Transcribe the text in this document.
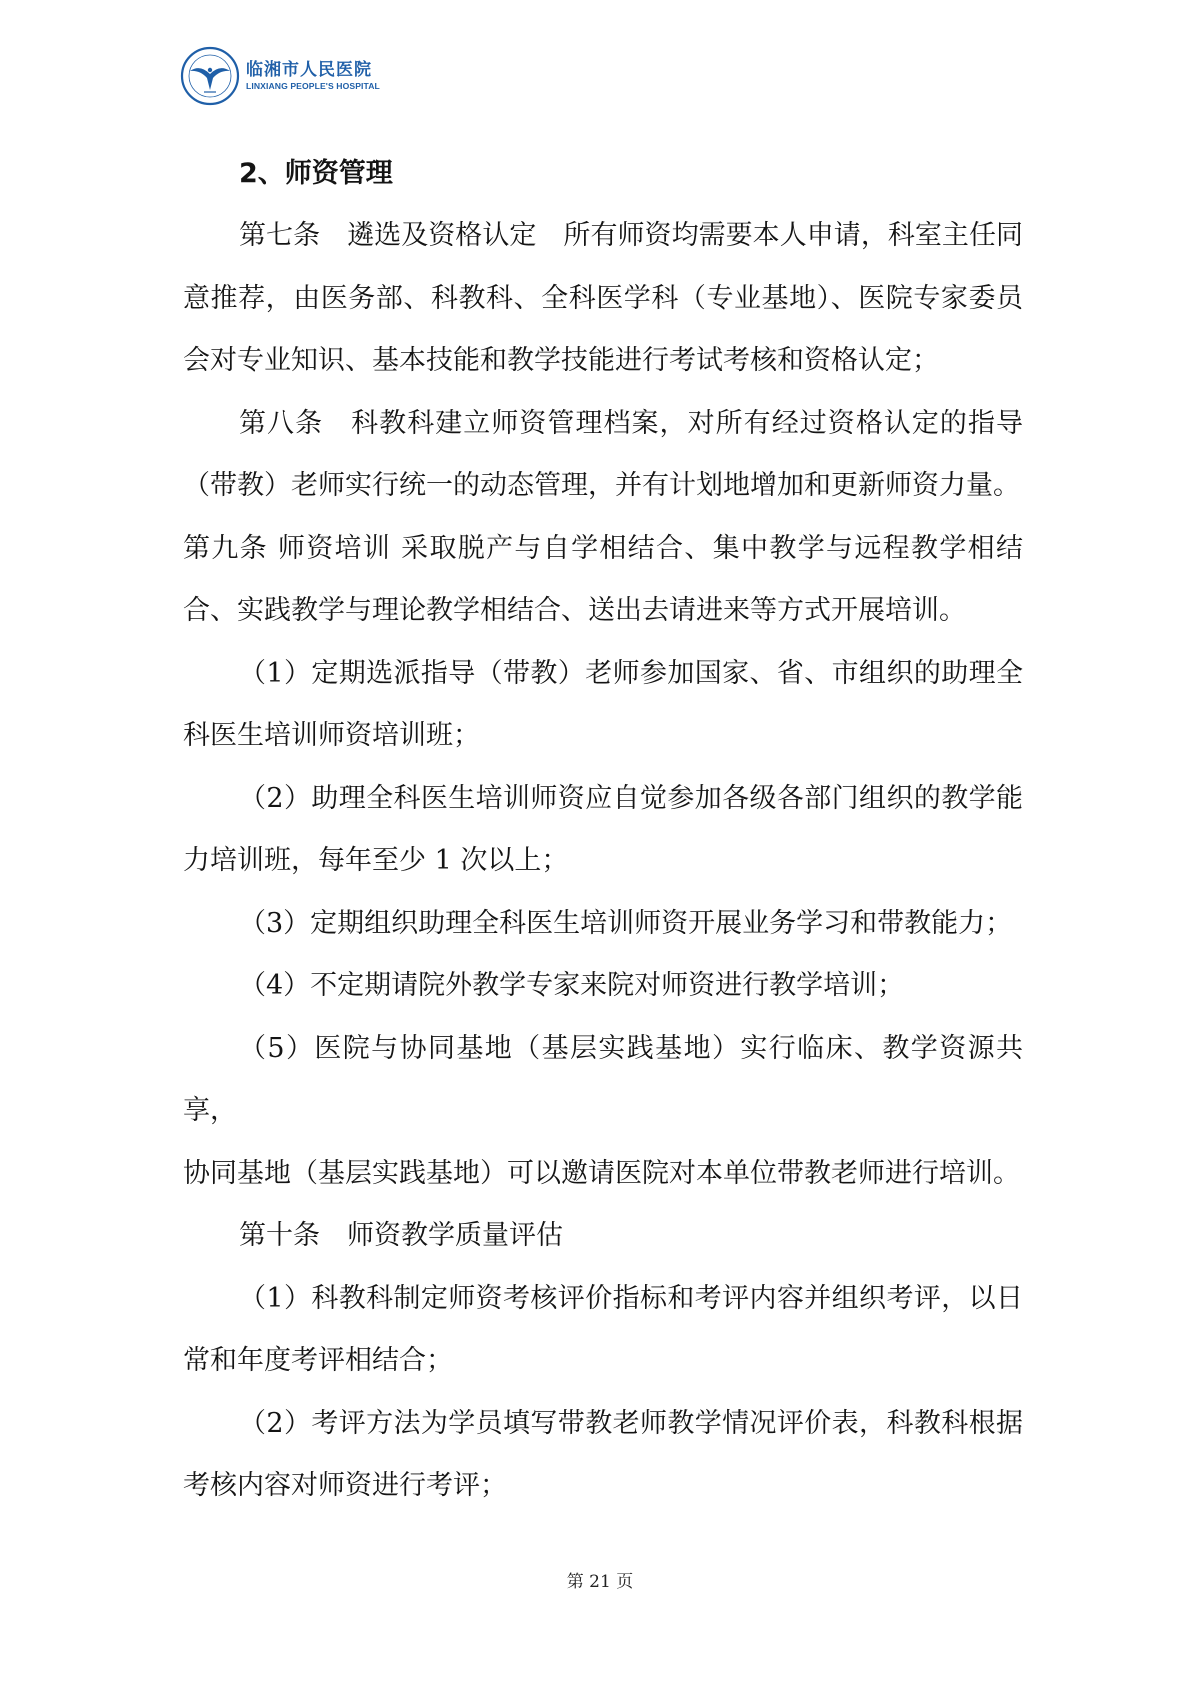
临湘市人民医院
LINXIANG PEOPLE'S HOSPITAL
2、师资管理

第七条　遴选及资格认定　所有师资均需要本人申请，科室主任同意推荐，由医务部、科教科、全科医学科（专业基地）、医院专家委员会对专业知识、基本技能和教学技能进行考试考核和资格认定；

第八条　科教科建立师资管理档案，对所有经过资格认定的指导（带教）老师实行统一的动态管理，并有计划地增加和更新师资力量。

第九条 师资培训 采取脱产与自学相结合、集中教学与远程教学相结合、实践教学与理论教学相结合、送出去请进来等方式开展培训。

（1）定期选派指导（带教）老师参加国家、省、市组织的助理全科医生培训师资培训班；

（2）助理全科医生培训师资应自觉参加各级各部门组织的教学能力培训班，每年至少 1 次以上；

（3）定期组织助理全科医生培训师资开展业务学习和带教能力；

（4）不定期请院外教学专家来院对师资进行教学培训；

（5）医院与协同基地（基层实践基地）实行临床、教学资源共享，

协同基地（基层实践基地）可以邀请医院对本单位带教老师进行培训。

第十条　师资教学质量评估

（1）科教科制定师资考核评价指标和考评内容并组织考评，以日常和年度考评相结合；

（2）考评方法为学员填写带教老师教学情况评价表，科教科根据考核内容对师资进行考评；

第 21 页
